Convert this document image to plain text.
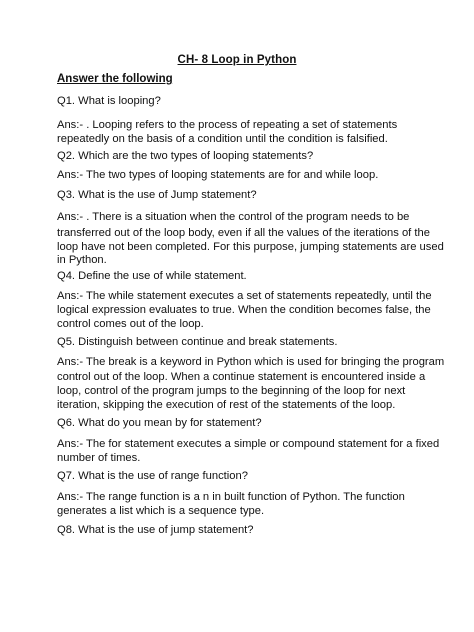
CH- 8 Loop in Python
Answer the following
Q1. What is looping?
Ans:- . Looping refers to the process of repeating a set of statements
repeatedly on the basis of a condition until the condition is falsified.
Q2. Which are the two types of looping statements?
Ans:- The two types of looping statements are for and while loop.
Q3. What is the use of Jump statement?
Ans:- . There is a situation when the control of the program needs to be
transferred out of the loop body, even if all the values of the iterations of the
loop have not been completed. For this purpose, jumping statements are used
in Python.
Q4. Define the use of while statement.
Ans:- The while statement executes a set of statements repeatedly, until the
logical expression evaluates to true. When the condition becomes false, the
control comes out of the loop.
Q5. Distinguish between continue and break statements.
Ans:- The break is a keyword in Python which is used for bringing the program
control out of the loop. When a continue statement is encountered inside a
loop, control of the program jumps to the beginning of the loop for next
iteration, skipping the execution of rest of the statements of the loop.
Q6. What do you mean by for statement?
Ans:- The for statement executes a simple or compound statement for a fixed
number of times.
Q7. What is the use of range function?
Ans:- The range function is a n in built function of Python. The function
generates a list which is a sequence type.
Q8. What is the use of jump statement?
